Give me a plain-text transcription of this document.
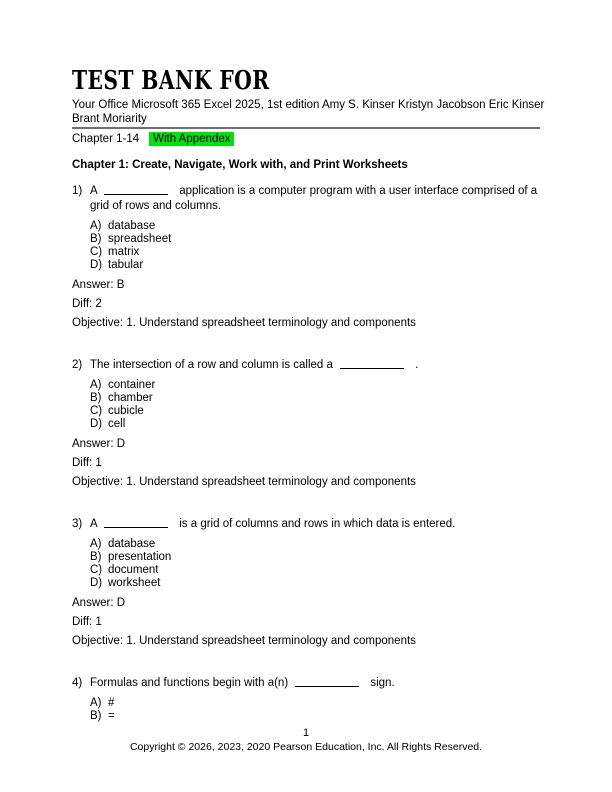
TEST BANK FOR
Your Office Microsoft 365 Excel 2025, 1st edition Amy S. Kinser Kristyn Jacobson Eric Kinser Brant Moriarity
Chapter 1-14 With Appendex
Chapter 1: Create, Navigate, Work with, and Print Worksheets
1) A	application is a computer program with a user interface comprised of a grid of rows and columns.
A) database
B) spreadsheet
C) matrix
D) tabular
Answer: B
Diff: 2
Objective: 1. Understand spreadsheet terminology and components
2) The intersection of a row and column is called a	.
A) container
B) chamber
C) cubicle
D) cell
Answer: D
Diff: 1
Objective: 1. Understand spreadsheet terminology and components
3) A	is a grid of columns and rows in which data is entered.
A) database
B) presentation
C) document
D) worksheet
Answer: D
Diff: 1
Objective: 1. Understand spreadsheet terminology and components
4) Formulas and functions begin with a(n)	sign.
A) #
B) =
1
Copyright © 2026, 2023, 2020 Pearson Education, Inc. All Rights Reserved.
